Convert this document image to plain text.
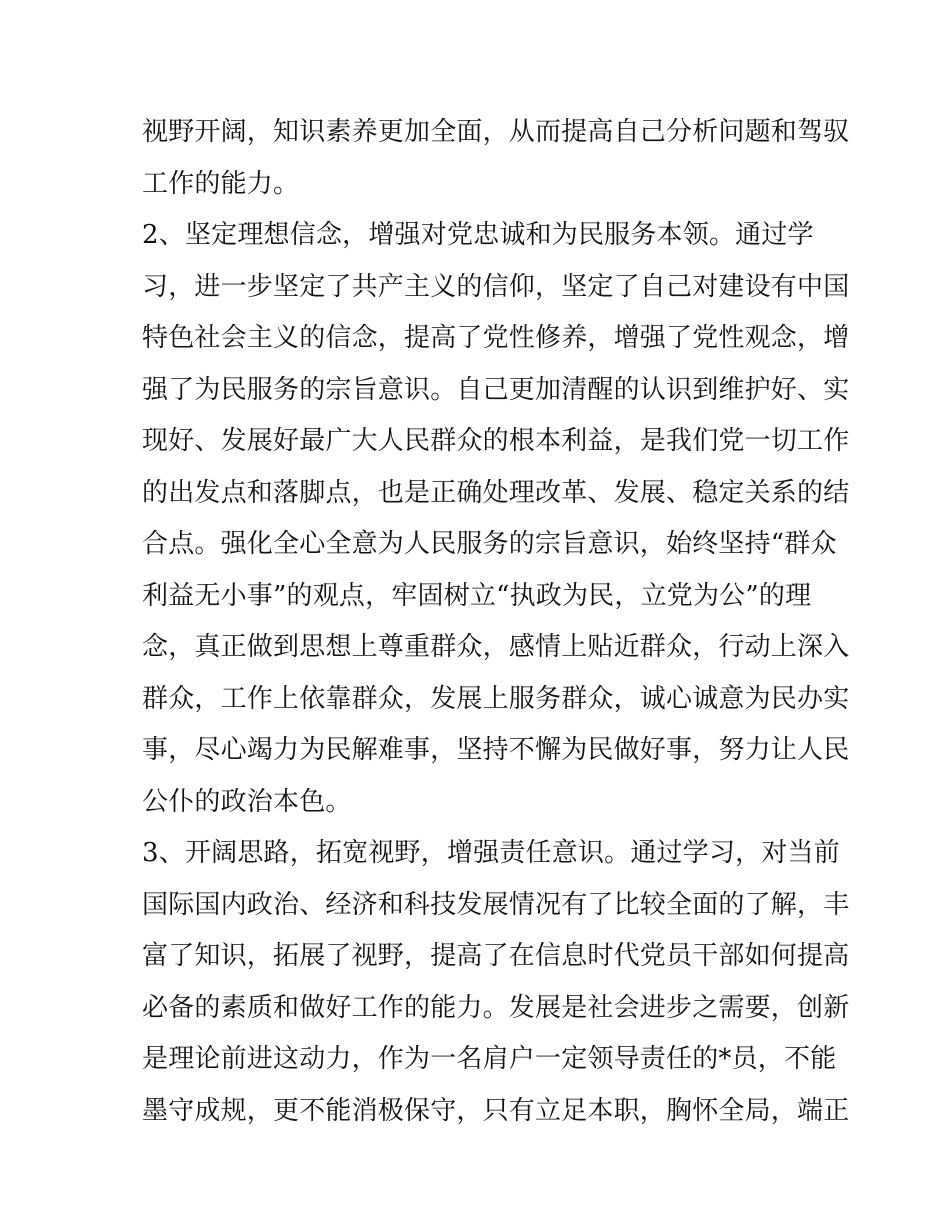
视野开阔，知识素养更加全面，从而提高自己分析问题和驾驭
工作的能力。
2、坚定理想信念，增强对党忠诚和为民服务本领。通过学
习，进一步坚定了共产主义的信仰，坚定了自己对建设有中国
特色社会主义的信念，提高了党性修养，增强了党性观念，增
强了为民服务的宗旨意识。自己更加清醒的认识到维护好、实
现好、发展好最广大人民群众的根本利益，是我们党一切工作
的出发点和落脚点，也是正确处理改革、发展、稳定关系的结
合点。强化全心全意为人民服务的宗旨意识，始终坚持“群众
利益无小事”的观点，牢固树立“执政为民，立党为公”的理
念，真正做到思想上尊重群众，感情上贴近群众，行动上深入
群众，工作上依靠群众，发展上服务群众，诚心诚意为民办实
事，尽心竭力为民解难事，坚持不懈为民做好事，努力让人民
公仆的政治本色。
3、开阔思路，拓宽视野，增强责任意识。通过学习，对当前
国际国内政治、经济和科技发展情况有了比较全面的了解，丰
富了知识，拓展了视野，提高了在信息时代党员干部如何提高
必备的素质和做好工作的能力。发展是社会进步之需要，创新
是理论前进这动力，作为一名肩户一定领导责任的*员，不能
墨守成规，更不能消极保守，只有立足本职，胸怀全局，端正
